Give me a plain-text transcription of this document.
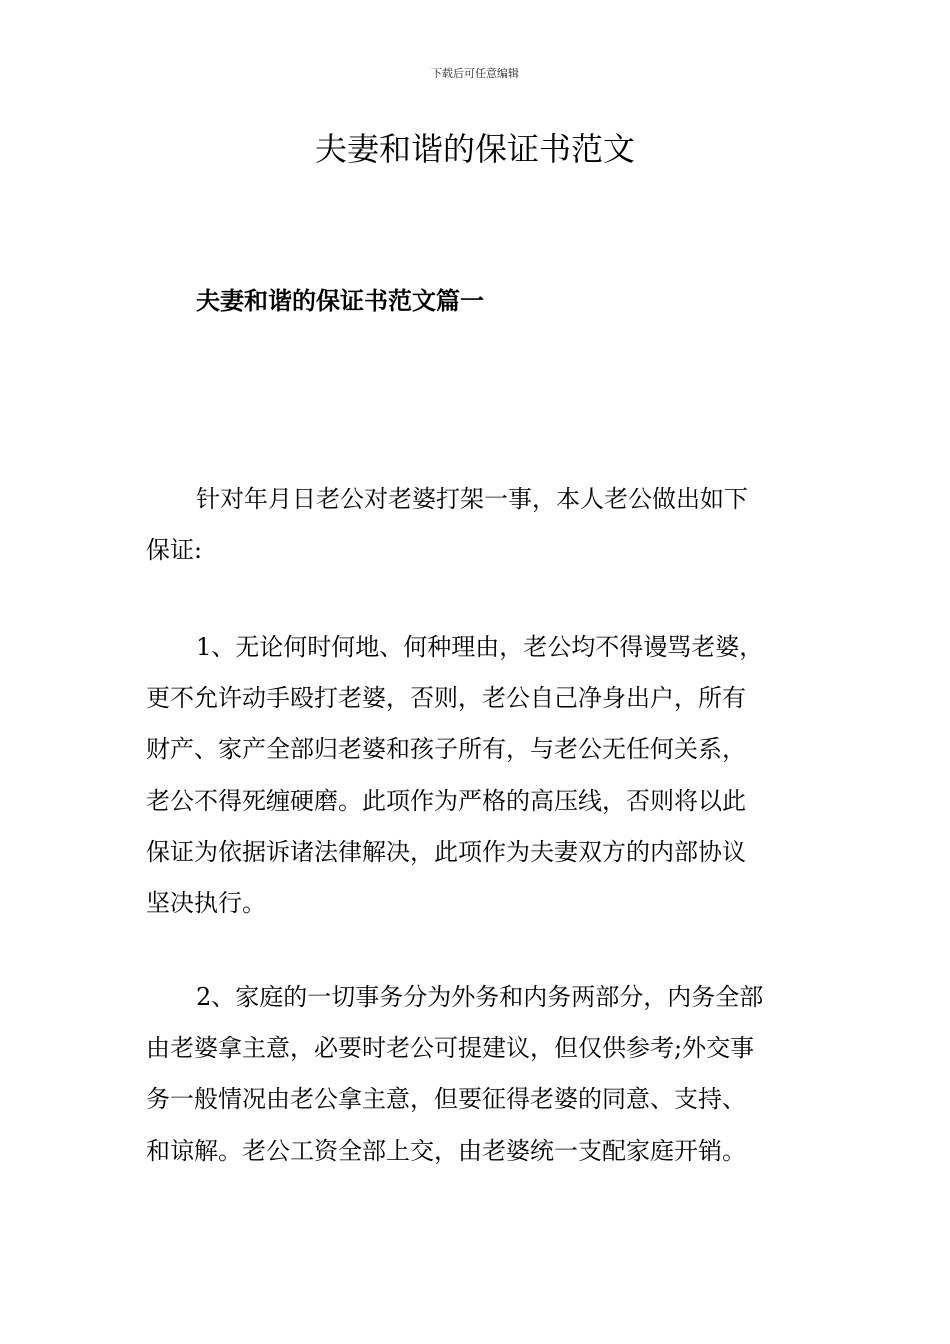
下载后可任意编辑
夫妻和谐的保证书范文
夫妻和谐的保证书范文篇一

针对年月日老公对老婆打架一事，本人老公做出如下
保证:

1、无论何时何地、何种理由，老公均不得谩骂老婆，
更不允许动手殴打老婆，否则，老公自己净身出户，所有
财产、家产全部归老婆和孩子所有，与老公无任何关系，
老公不得死缠硬磨。此项作为严格的高压线，否则将以此
保证为依据诉诸法律解决，此项作为夫妻双方的内部协议
坚决执行。

2、家庭的一切事务分为外务和内务两部分，内务全部
由老婆拿主意，必要时老公可提建议，但仅供参考;外交事
务一般情况由老公拿主意，但要征得老婆的同意、支持、
和谅解。老公工资全部上交，由老婆统一支配家庭开销。
